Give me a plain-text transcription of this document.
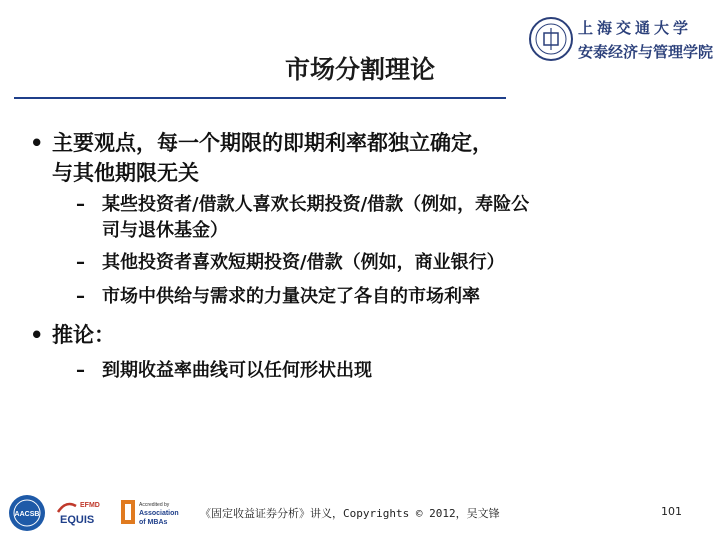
上海交通大学
安泰经济与管理学院
市场分割理论
• 主要观点，每一个期限的即期利率都独立确定，
与其他期限无关
– 某些投资者/借款人喜欢长期投资/借款（例如，寿险公
司与退休基金）
– 其他投资者喜欢短期投资/借款（例如，商业银行）
– 市场中供给与需求的力量决定了各自的市场利率
• 推论：
– 到期收益率曲线可以任何形状出现
AACSB
EFMD
EQUIS
Accredited by
Association
of MBAs
《固定收益证券分析》讲义，Copyrights © 2012，吴文锋	101
